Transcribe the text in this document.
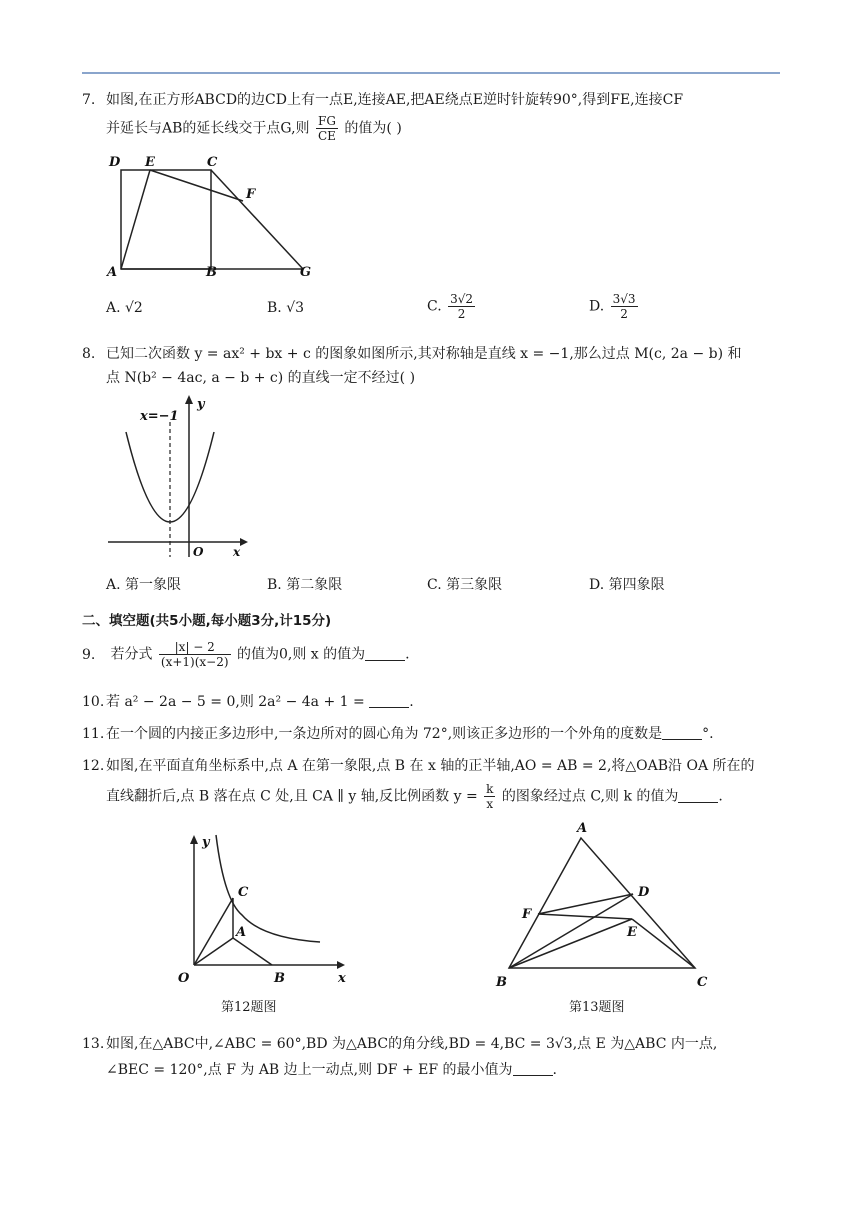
7. 如图,在正方形ABCD的边CD上有一点E,连接AE,把AE绕点E逆时针旋转90°,得到FE,连接CF
并延长与AB的延长线交于点G,则 $\frac{FG}{CE}$ 的值为( )
D E	C
F
A	B	G
A. √2	B. √3	C. $\frac{3√2}{2}$	D. $\frac{3√3}{2}$
8. 已知二次函数 y = ax² + bx + c 的图象如图所示,其对称轴是直线 x = −1,那么过点 M(c, 2a − b) 和
点 N(b² − 4ac, a − b + c) 的直线一定不经过( )
x=−1
y
x
O
A. 第一象限	B. 第二象限	C. 第三象限	D. 第四象限
二、填空题(共5小题,每小题3分,计15分)
9. 若分式 $\frac{|x| - 2}{(x+1)(x-2)}$ 的值为0,则 x 的值为	.
10. 若 a² − 2a − 5 = 0,则 2a² − 4a + 1 =	.
11. 在一个圆的内接正多边形中,一条边所对的圆心角为 72°,则该正多边形的一个外角的度数是	°.
12. 如图,在平面直角坐标系中,点 A 在第一象限,点 B 在 x 轴的正半轴,AO = AB = 2,将△OAB沿 OA 所在的
直线翻折后,点 B 落在点 C 处,且 CA ∥ y 轴,反比例函数 $y = \frac{k}{x}$ 的图象经过点 C,则 k 的值为	.
y
C
A
O	B	x
第12题图
A
D
F
E
B	C
第13题图
13. 如图,在△ABC中,∠ABC = 60°,BD 为△ABC的角分线,BD = 4,BC = 3√3,点 E 为△ABC 内一点,
∠BEC = 120°,点 F 为 AB 边上一动点,则 DF + EF 的最小值为	.
